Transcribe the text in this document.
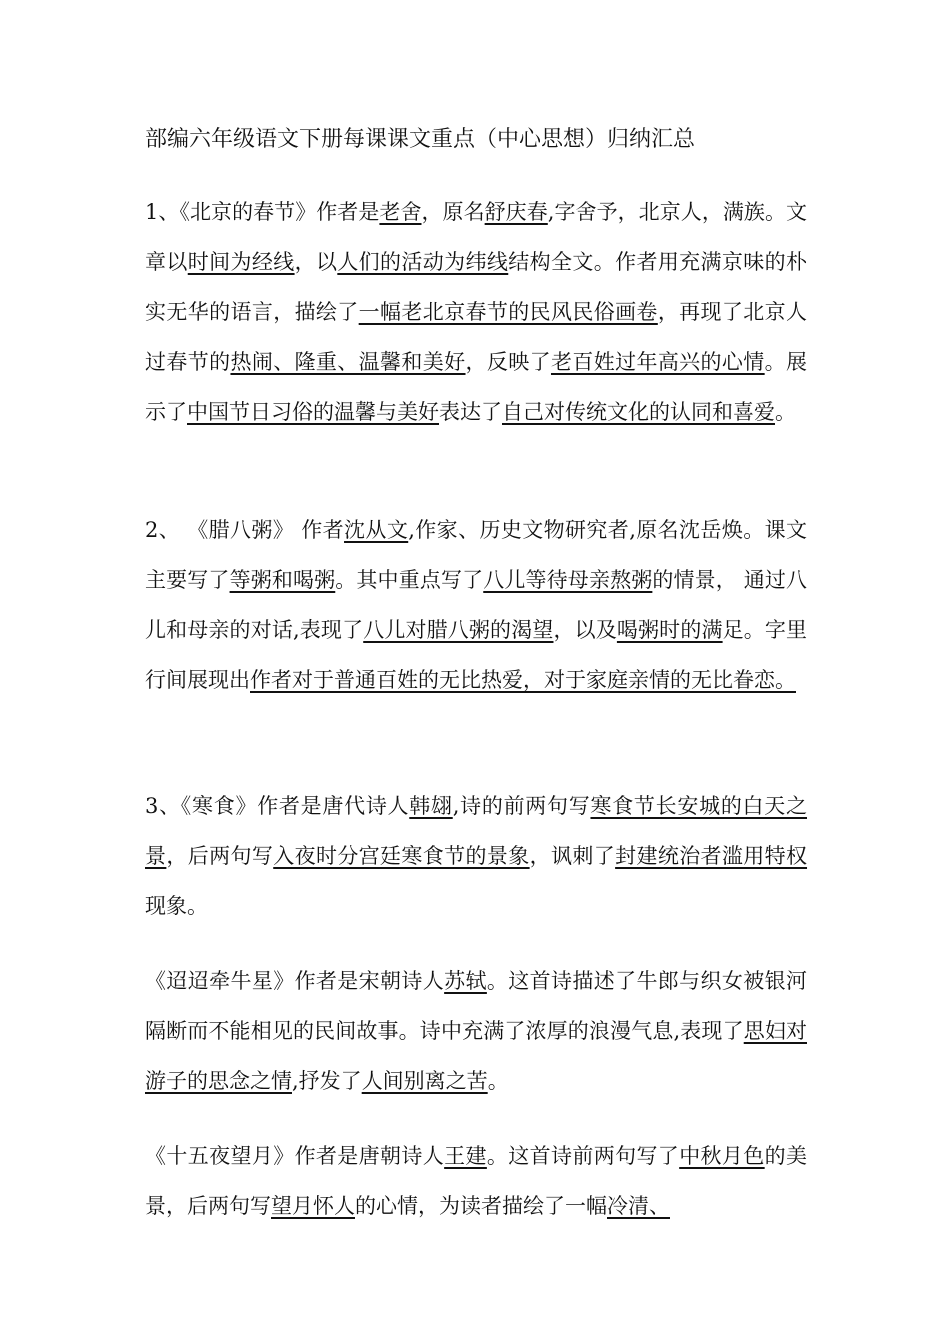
部编六年级语文下册每课课文重点（中心思想）归纳汇总
1、《北京的春节》作者是老舍，原名舒庆春,字舍予，北京人，满族。文章以时间为经线，以人们的活动为纬线结构全文。作者用充满京味的朴实无华的语言，描绘了一幅老北京春节的民风民俗画卷，再现了北京人过春节的热闹、隆重、温馨和美好，反映了老百姓过年高兴的心情。展示了中国节日习俗的温馨与美好表达了自己对传统文化的认同和喜爱。
2、 《腊八粥》 作者沈从文,作家、历史文物研究者,原名沈岳焕。课文主要写了等粥和喝粥。其中重点写了八儿等待母亲熬粥的情景， 通过八儿和母亲的对话,表现了八儿对腊八粥的渴望，以及喝粥时的满足。字里行间展现出作者对于普通百姓的无比热爱，对于家庭亲情的无比眷恋。
3、《寒食》作者是唐代诗人韩翃,诗的前两句写寒食节长安城的白天之景，后两句写入夜时分宫廷寒食节的景象，讽刺了封建统治者滥用特权现象。
《迢迢牵牛星》作者是宋朝诗人苏轼。这首诗描述了牛郎与织女被银河隔断而不能相见的民间故事。诗中充满了浓厚的浪漫气息,表现了思妇对游子的思念之情,抒发了人间别离之苦。
《十五夜望月》作者是唐朝诗人王建。这首诗前两句写了中秋月色的美景，后两句写望月怀人的心情，为读者描绘了一幅冷清、
